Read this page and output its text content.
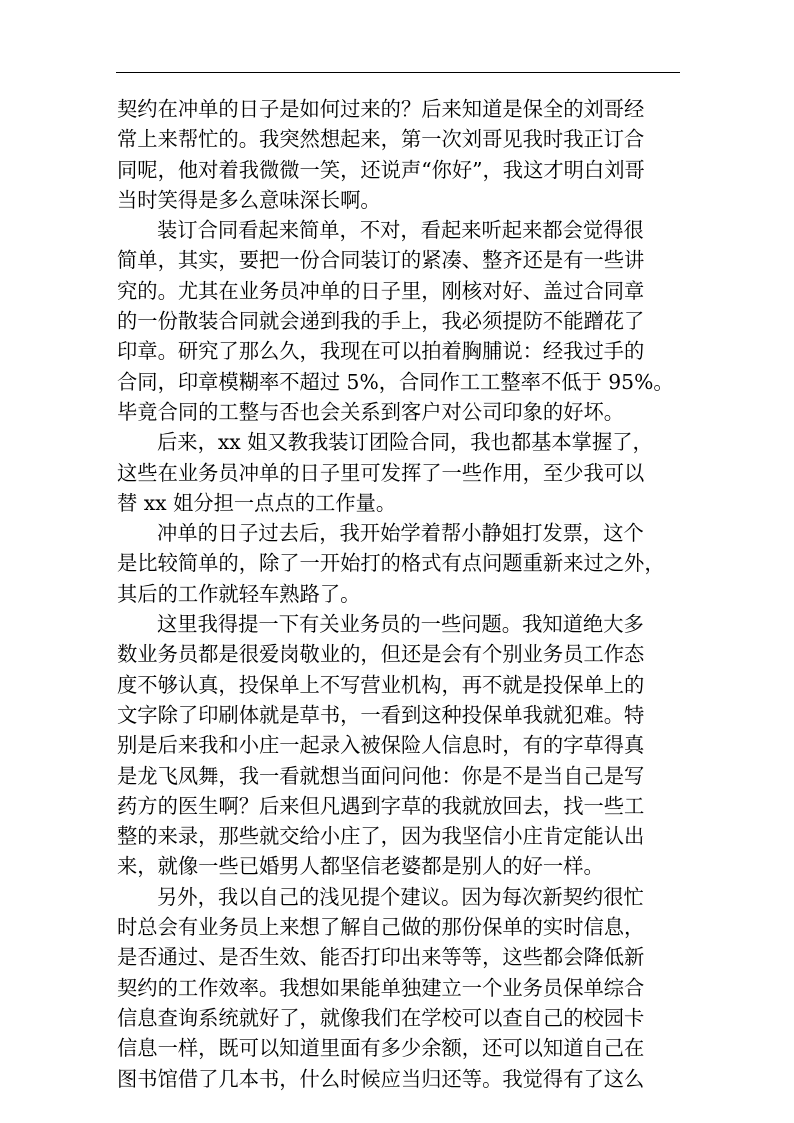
契约在冲单的日子是如何过来的？后来知道是保全的刘哥经
常上来帮忙的。我突然想起来，第一次刘哥见我时我正订合
同呢，他对着我微微一笑，还说声“你好”，我这才明白刘哥
当时笑得是多么意味深长啊。
装订合同看起来简单，不对，看起来听起来都会觉得很
简单，其实，要把一份合同装订的紧凑、整齐还是有一些讲
究的。尤其在业务员冲单的日子里，刚核对好、盖过合同章
的一份散装合同就会递到我的手上，我必须提防不能蹭花了
印章。研究了那么久，我现在可以拍着胸脯说：经我过手的
合同，印章模糊率不超过 5%，合同作工工整率不低于 95%。
毕竟合同的工整与否也会关系到客户对公司印象的好坏。
后来，xx 姐又教我装订团险合同，我也都基本掌握了，
这些在业务员冲单的日子里可发挥了一些作用，至少我可以
替 xx 姐分担一点点的工作量。
冲单的日子过去后，我开始学着帮小静姐打发票，这个
是比较简单的，除了一开始打的格式有点问题重新来过之外，
其后的工作就轻车熟路了。
这里我得提一下有关业务员的一些问题。我知道绝大多
数业务员都是很爱岗敬业的，但还是会有个别业务员工作态
度不够认真，投保单上不写营业机构，再不就是投保单上的
文字除了印刷体就是草书，一看到这种投保单我就犯难。特
别是后来我和小庄一起录入被保险人信息时，有的字草得真
是龙飞凤舞，我一看就想当面问问他：你是不是当自己是写
药方的医生啊？后来但凡遇到字草的我就放回去，找一些工
整的来录，那些就交给小庄了，因为我坚信小庄肯定能认出
来，就像一些已婚男人都坚信老婆都是别人的好一样。
另外，我以自己的浅见提个建议。因为每次新契约很忙
时总会有业务员上来想了解自己做的那份保单的实时信息，
是否通过、是否生效、能否打印出来等等，这些都会降低新
契约的工作效率。我想如果能单独建立一个业务员保单综合
信息查询系统就好了，就像我们在学校可以查自己的校园卡
信息一样，既可以知道里面有多少余额，还可以知道自己在
图书馆借了几本书，什么时候应当归还等。我觉得有了这么
